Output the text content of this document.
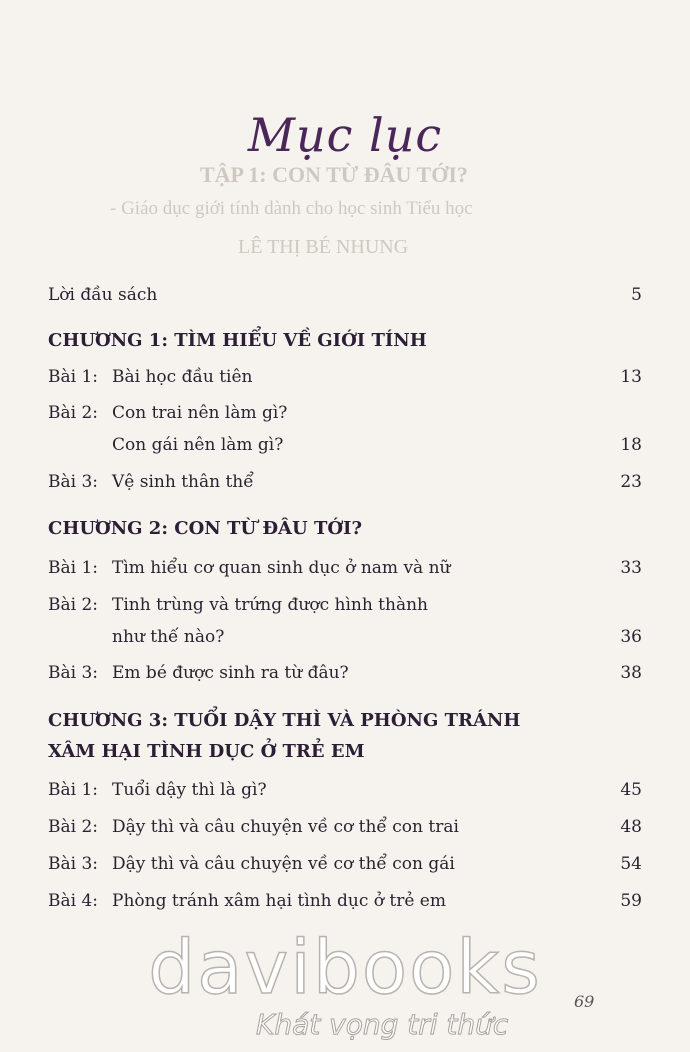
TẬP 1: CON TỪ ĐÂU TỚI?
- Giáo dục giới tính dành cho học sinh Tiểu học
LÊ THỊ BÉ NHUNG
Mục lục
Lời đầu sách	5
CHƯƠNG 1: TÌM HIỂU VỀ GIỚI TÍNH
Bài 1: Bài học đầu tiên	13
Bài 2: Con trai nên làm gì?
Con gái nên làm gì?	18
Bài 3: Vệ sinh thân thể	23
CHƯƠNG 2: CON TỪ ĐÂU TỚI?
Bài 1: Tìm hiểu cơ quan sinh dục ở nam và nữ	33
Bài 2: Tinh trùng và trứng được hình thành
như thế nào?	36
Bài 3: Em bé được sinh ra từ đâu?	38
CHƯƠNG 3: TUỔI DẬY THÌ VÀ PHÒNG TRÁNH
XÂM HẠI TÌNH DỤC Ở TRẺ EM
Bài 1: Tuổi dậy thì là gì?	45
Bài 2: Dậy thì và câu chuyện về cơ thể con trai	48
Bài 3: Dậy thì và câu chuyện về cơ thể con gái	54
Bài 4: Phòng tránh xâm hại tình dục ở trẻ em	59
davibooks
Khát vọng tri thức
69
